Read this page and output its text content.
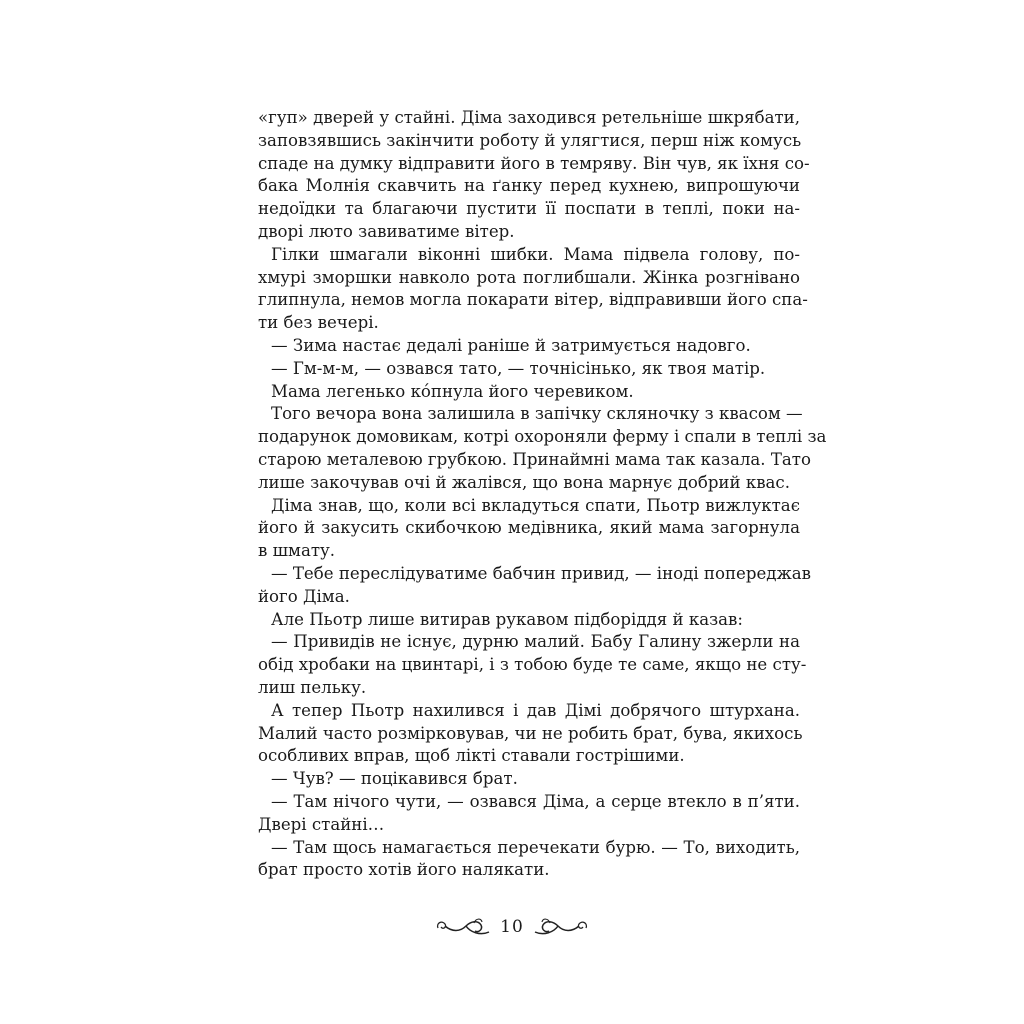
«гуп» дверей у стайні. Діма заходився ретельніше шкрябати,
заповзявшись закінчити роботу й улягтися, перш ніж комусь
спаде на думку відправити його в темряву. Він чув, як їхня со-
бака Молнія скавчить на ґанку перед кухнею, випрошуючи
недоїдки та благаючи пустити її поспати в теплі, поки на-
дворі люто завиватиме вітер.
Гілки шмагали віконні шибки. Мама підвела голову, по-
хмурі зморшки навколо рота поглибшали. Жінка розгнівано
глипнула, немов могла покарати вітер, відправивши його спа-
ти без вечері.
— Зима настає дедалі раніше й затримується надовго.
— Гм-м-м, — озвався тато, — точнісінько, як твоя матір.
Мама легенько кóпнула його черевиком.
Того вечора вона залишила в запічку скляночку з квасом —
подарунок домовикам, котрі охороняли ферму і спали в теплі за
старою металевою грубкою. Принаймні мама так казала. Тато
лише закочував очі й жалівся, що вона марнує добрий квас.
Діма знав, що, коли всі вкладуться спати, Пьотр вижлуктає
його й закусить скибочкою медівника, який мама загорнула
в шмату.
— Тебе переслідуватиме бабчин привид, — іноді попереджав
його Діма.
Але Пьотр лише витирав рукавом підборіддя й казав:
— Привидів не існує, дурню малий. Бабу Галину зжерли на
обід хробаки на цвинтарі, і з тобою буде те саме, якщо не сту-
лиш пельку.
А тепер Пьотр нахилився і дав Дімі добрячого штурхана.
Малий часто розмірковував, чи не робить брат, бува, якихось
особливих вправ, щоб лікті ставали гострішими.
— Чув? — поцікавився брат.
— Там нічого чути, — озвався Діма, а серце втекло в п’яти.
Двері стайні…
— Там щось намагається перечекати бурю. — То, виходить,
брат просто хотів його налякати.
10
